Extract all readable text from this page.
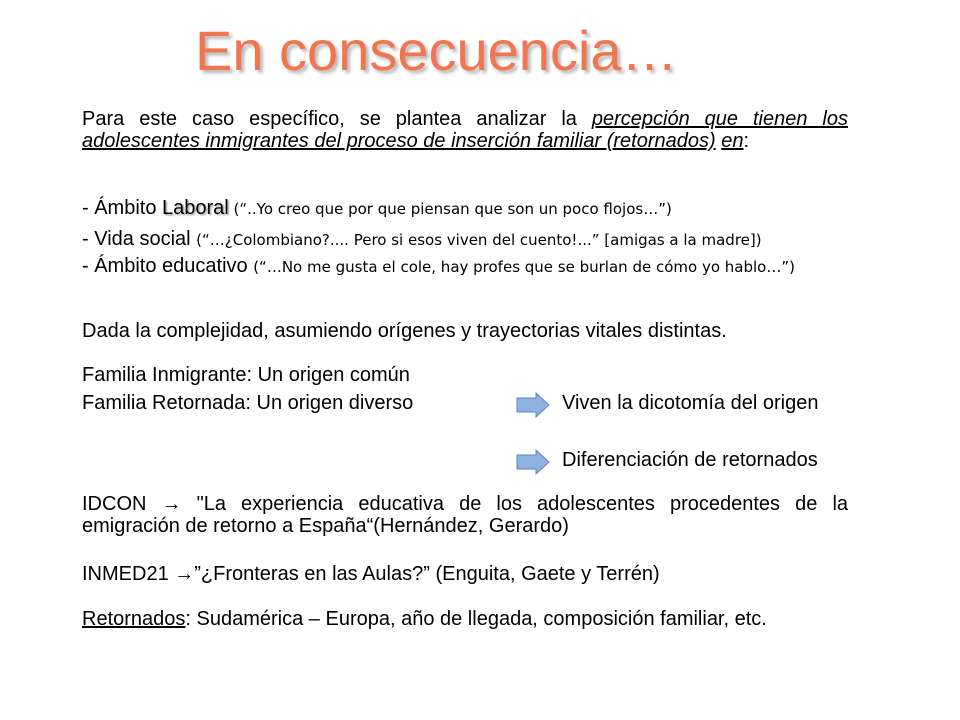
En consecuencia…
Para este caso específico, se plantea analizar la percepción que tienen los adolescentes inmigrantes del proceso de inserción familiar (retornados) en:
- Ámbito Laboral (“..Yo creo que por que piensan que son un poco flojos…”)
- Vida social (“…¿Colombiano?.... Pero si esos viven del cuento!...” [amigas a la madre])
- Ámbito educativo (“…No me gusta el cole, hay profes que se burlan de cómo yo hablo…”)
Dada la complejidad, asumiendo orígenes y trayectorias vitales distintas.
Familia Inmigrante: Un origen común
Familia Retornada: Un origen diverso	Viven la dicotomía del origen
Diferenciación de retornados
IDCON → "La experiencia educativa de los adolescentes procedentes de la emigración de retorno a España“(Hernández, Gerardo)
INMED21 →”¿Fronteras en las Aulas?” (Enguita, Gaete y Terrén)
Retornados: Sudamérica – Europa, año de llegada, composición familiar, etc.
